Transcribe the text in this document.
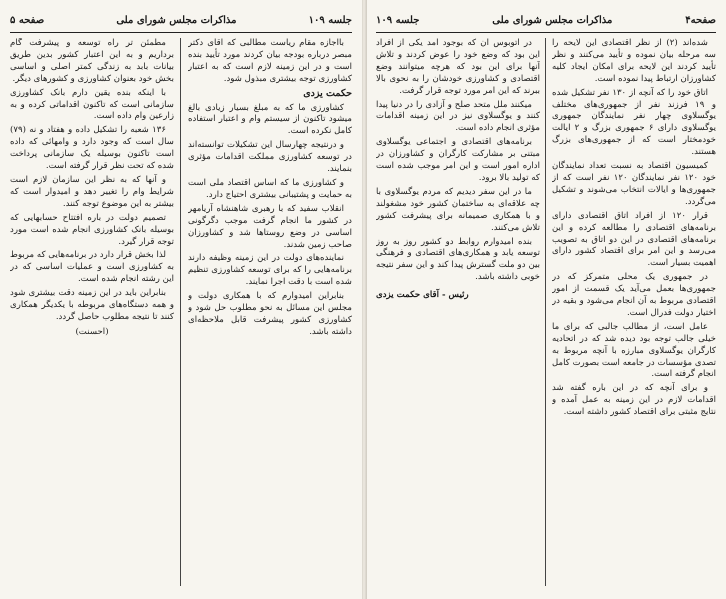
صفحه۴
مذاکرات مجلس شورای ملی
جلسه ۱۰۹

شده‌اند (۲) از نظر اقتصادی این لایحه را سه مرحله بیان نموده و تأیید می‌کنند و نظر تأیید کردند این لایحه برای امکان ایجاد کلیه کشاورزان ارتباط پیدا نموده است.

اتاق خود را که آنچه از ۱۳۰ نفر تشکیل شده و ۱۹ فرزند نفر از جمهوری‌های مختلف یوگسلاوی چهار نفر نمایندگان جمهوری یوگسلاوی دارای ۶ جمهوری بزرگ و ۲ ایالت خودمختار است که از جمهوری‌های بزرگ هستند.

کمیسیون اقتصاد به نسبت تعداد نمایندگان خود ۱۲۰ نفر نمایندگان ۱۲۰ نفر است که از جمهوری‌ها و ایالات انتخاب می‌شوند و تشکیل می‌گردد.

قرار ۱۲۰ از افراد اتاق اقتصادی دارای برنامه‌های اقتصادی را مطالعه کرده و این برنامه‌های اقتصادی در این دو اتاق به تصویب می‌رسد و این امر برای اقتصاد کشور دارای اهمیت بسیار است.

در جمهوری یک محلی متمرکز که در جمهوری‌ها بعمل می‌آید یک قسمت از امور اقتصادی مربوط به آن انجام می‌شود و بقیه در اختیار دولت فدرال است.

عامل است، از مطالب جالبی که برای ما خیلی جالب توجه بود دیده شد که در اتحادیه کارگران یوگسلاوی مبارزه با آنچه مربوط به تصدی مؤسسات در جامعه است بصورت کامل انجام گرفته است.

و برای آنچه که در این باره گفته شد اقدامات لازم در این زمینه به عمل آمده و نتایج مثبتی برای اقتصاد کشور داشته است.

در اتوبوس آن که بوجود آمد یکی از افراد این بود که وضع خود را عوض کردند و تلاش آنها برای این بود که هرچه میتوانند وضع اقتصادی و کشاورزی خودشان را به نحوی بالا ببرند که این امر مورد توجه قرار گرفت.

میکنند ملل متحد صلح و آزادی را در دنیا پیدا کنند و یوگسلاوی نیز در این زمینه اقدامات مؤثری انجام داده است.

برنامه‌های اقتصادی و اجتماعی یوگسلاوی مبتنی بر مشارکت کارگران و کشاورزان در اداره امور است و این امر موجب شده است که تولید بالا برود.

ما در این سفر دیدیم که مردم یوگسلاوی با چه علاقه‌ای به ساختمان کشور خود مشغولند و با همکاری صمیمانه برای پیشرفت کشور تلاش می‌کنند.

بنده امیدوارم روابط دو کشور روز به روز توسعه یابد و همکاری‌های اقتصادی و فرهنگی بین دو ملت گسترش پیدا کند و این سفر نتیجه خوبی داشته باشد.

رئیس - آقای حکمت یزدی

جلسه ۱۰۹
مذاکرات مجلس شورای ملی
صفحه ۵

بااجازه مقام ریاست مطالبی که آقای دکتر مبصر درباره بودجه بیان کردند مورد تأیید بنده است و در این زمینه لازم است که به اعتبار کشاورزی توجه بیشتری مبذول شود.

حکمت یزدی

کشاورزی ما که به مبلغ بسیار زیادی بالغ میشود تاکنون از سیستم وام و اعتبار استفاده کامل نکرده است.

و درنتیجه چهارسال این تشکیلات توانسته‌اند در توسعه کشاورزی مملکت اقدامات مؤثری بنمایند.

و کشاورزی ما که اساس اقتصاد ملی است به حمایت و پشتیبانی بیشتری احتیاج دارد.

انقلاب سفید که با رهبری شاهنشاه آریامهر در کشور ما انجام گرفت موجب دگرگونی اساسی در وضع روستاها شد و کشاورزان صاحب زمین شدند.

نماینده‌های دولت در این زمینه وظیفه دارند برنامه‌هایی را که برای توسعه کشاورزی تنظیم شده است با دقت اجرا نمایند.

بنابراین امیدوارم که با همکاری دولت و مجلس این مسائل به نحو مطلوب حل شود و کشاورزی کشور پیشرفت قابل ملاحظه‌ای داشته باشد.

مطمئن تر راه توسعه و پیشرفت گام برداریم و به این اعتبار کشور بدین طریق بیانات بابد به زندگی کمتر اصلی و اساسی بخش خود بعنوان کشاورزی و کشورهای دیگر.

با اینکه بنده یقین دارم بانک کشاورزی سازمانی است که تاکنون اقداماتی کرده و به زارعین وام داده است.

۱۳۶ شعبه را تشکیل داده و هفتاد و نه (۷۹) سال است که وجود دارد و وامهائی که داده است تاکنون بوسیله یک سازمانی پرداخت شده که تحت نظر قرار گرفته است.

و آنها که به نظر این سازمان لازم است شرایط وام را تغییر دهد و امیدوار است که بیشتر به این موضوع توجه کنند.

تصمیم دولت در باره افتتاح حسابهایی که بوسیله بانک کشاورزی انجام شده است مورد توجه قرار گیرد.

لذا بخش قرار دارد در برنامه‌هایی که مربوط به کشاورزی است و عملیات اساسی که در این رشته انجام شده است.

بنابراین باید در این زمینه دقت بیشتری شود و همه دستگاه‌های مربوطه با یکدیگر همکاری کنند تا نتیجه مطلوب حاصل گردد.

(احسنت)
